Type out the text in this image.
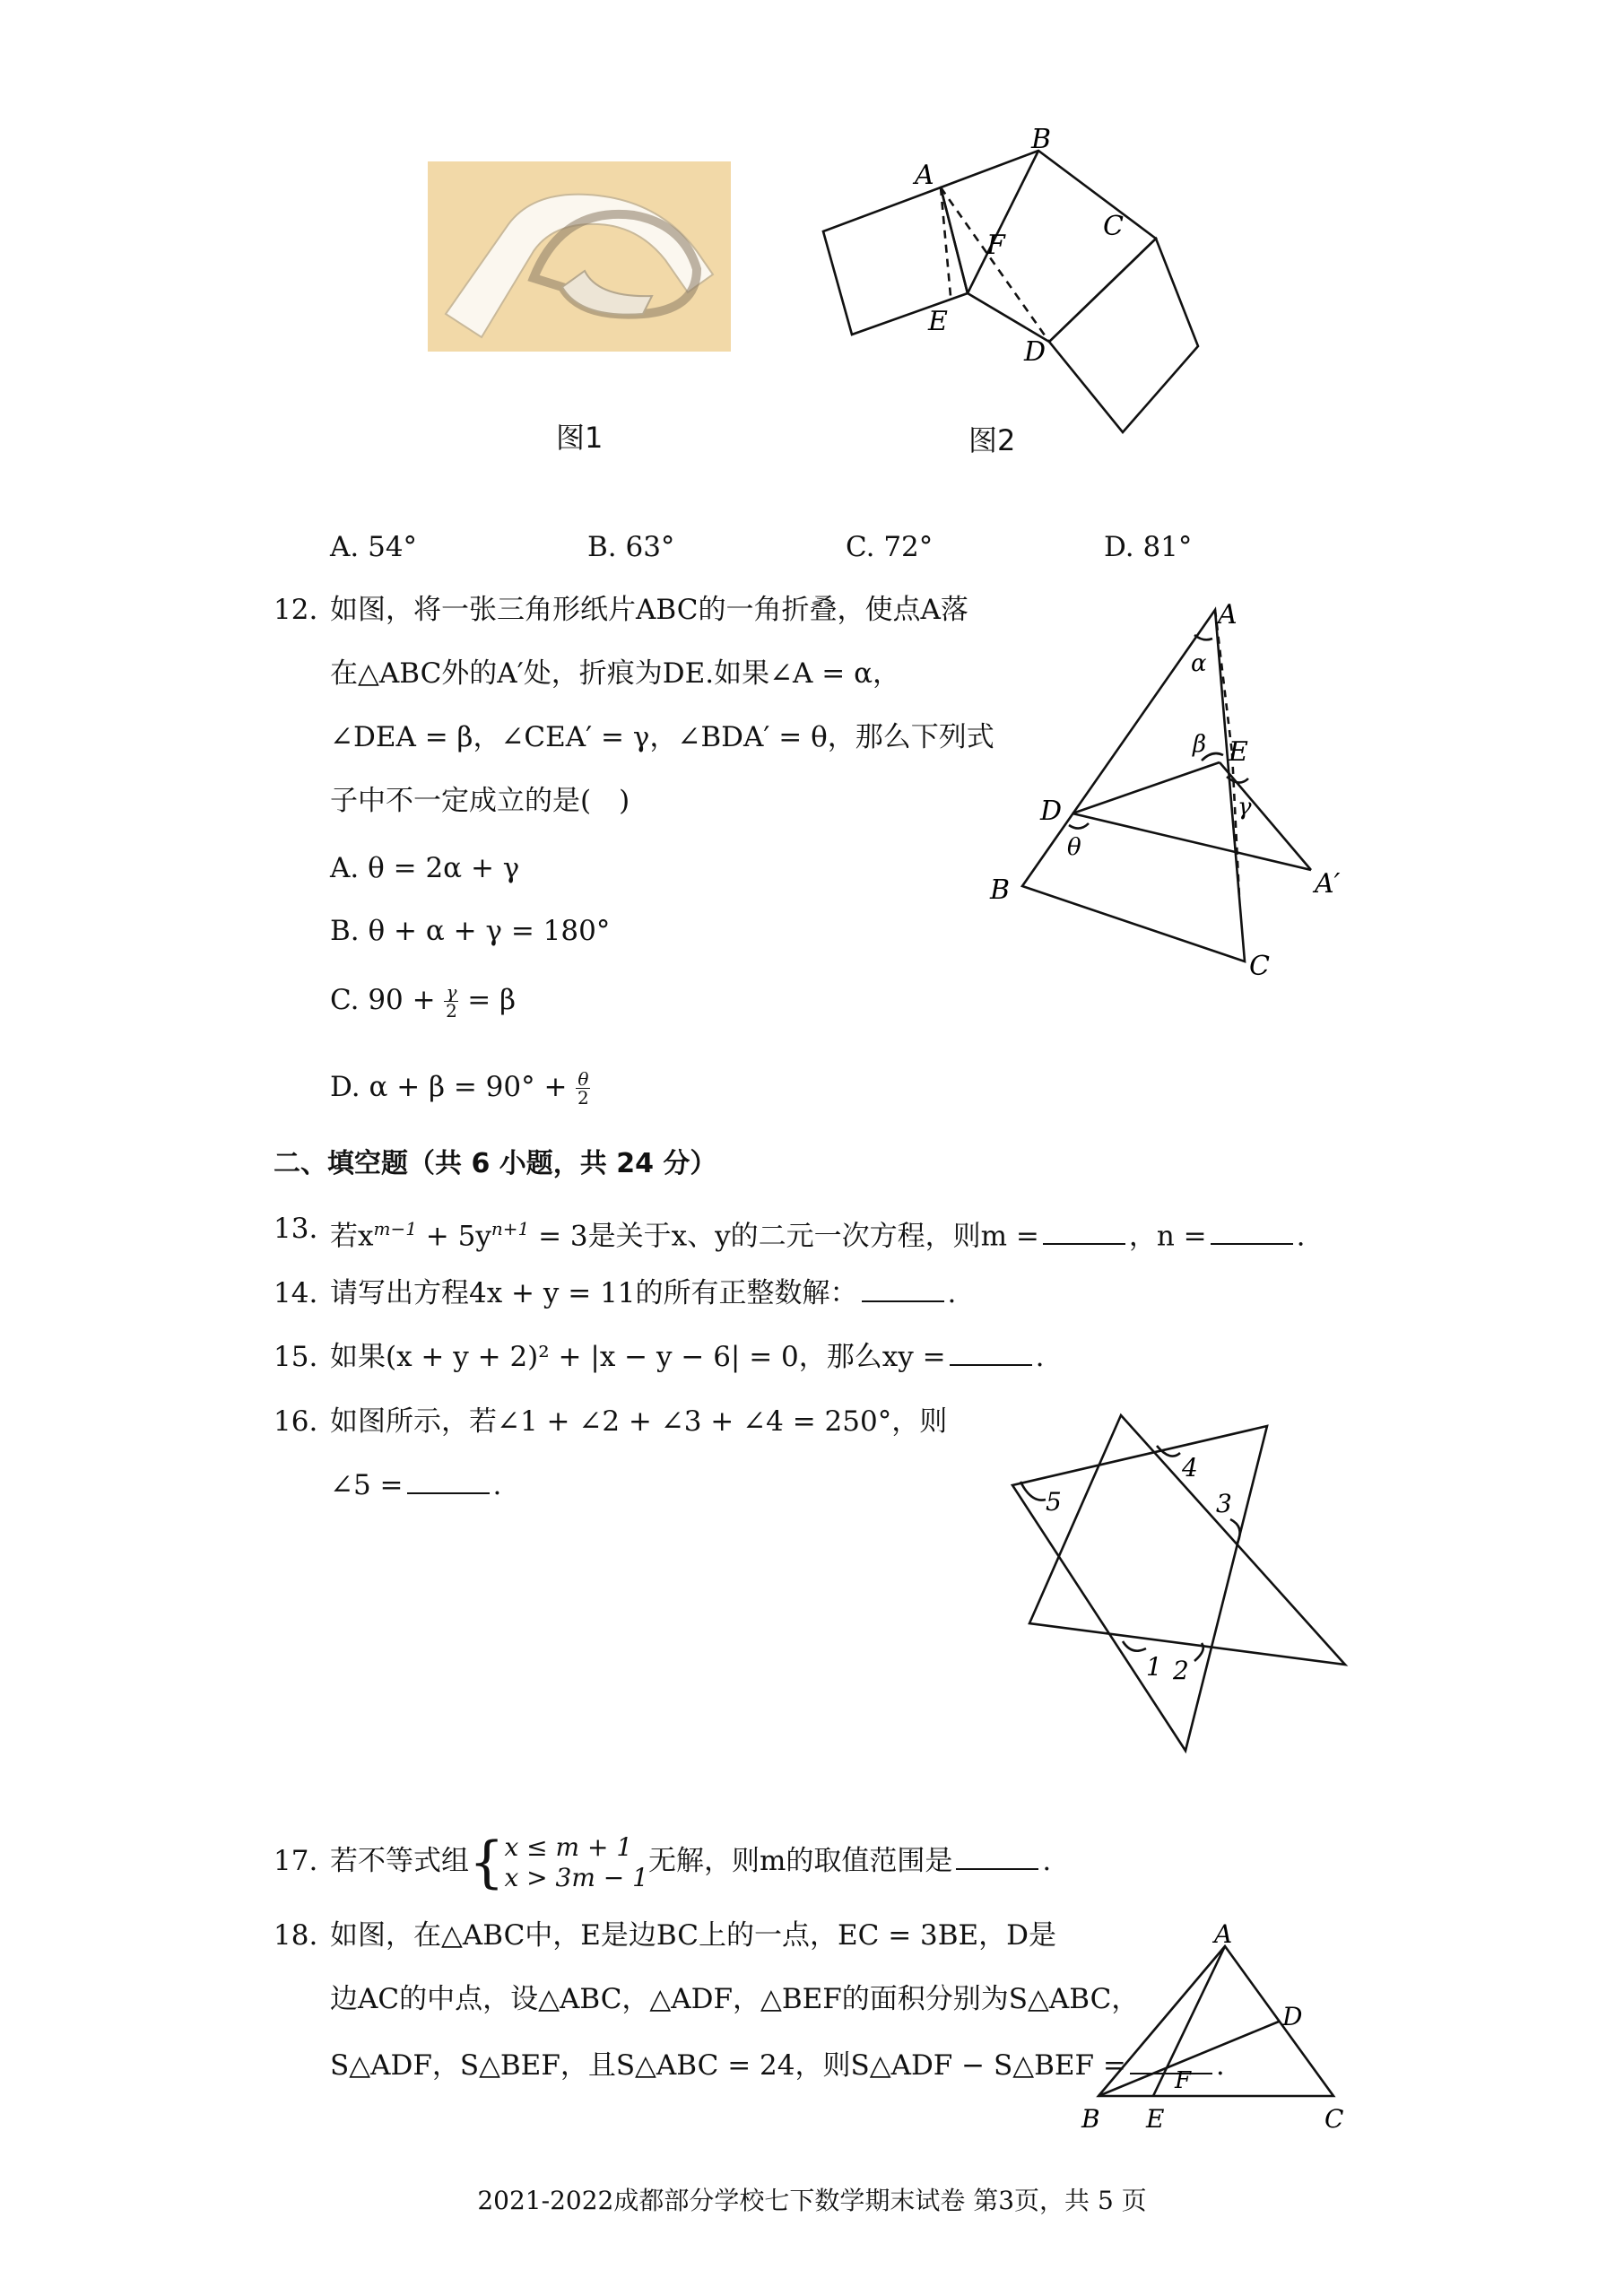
图1
A
B
C
D
E
F
图2
A. 54°	B. 63°	C. 72°	D. 81°
12. 如图，将一张三角形纸片ABC的一角折叠，使点A落
在△ABC外的A′处，折痕为DE.如果∠A = α，
∠DEA = β，∠CEA′ = γ，∠BDA′ = θ，那么下列式
子中不一定成立的是(　)
A. θ = 2α + γ
B. θ + α + γ = 180°
C. $90 + \frac{\gamma}{2} = \beta$
D. $\alpha + \beta = 90^\circ + \frac{\theta}{2}$
A
B
C
D
E
A′
α
β
γ
θ
二、填空题（共 6 小题，共 24 分）
13. 若$x^{m-1} + 5y^{n+1} = 3$是关于x、y的二元一次方程，则m =	，n =	.
14. 请写出方程4x + y = 11的所有正整数解：	.
15. 如果(x + y + 2)² + |x − y − 6| = 0，那么xy =	.
16. 如图所示，若∠1 + ∠2 + ∠3 + ∠4 = 250°，则
∠5 =	.
1 2
3
4
5
17. 若不等式组{ x ≤ m + 1
x > 3m − 1 无解，则m的取值范围是	.
18. 如图，在△ABC中，E是边BC上的一点，EC = 3BE，D是
边AC的中点，设△ABC，△ADF，△BEF的面积分别为S△ABC，
S△ADF，S△BEF，且S△ABC = 24，则S△ADF − S△BEF =	.
A
B	C
D
E
F
2021-2022成都部分学校七下数学期末试卷 第3页，共 5 页
